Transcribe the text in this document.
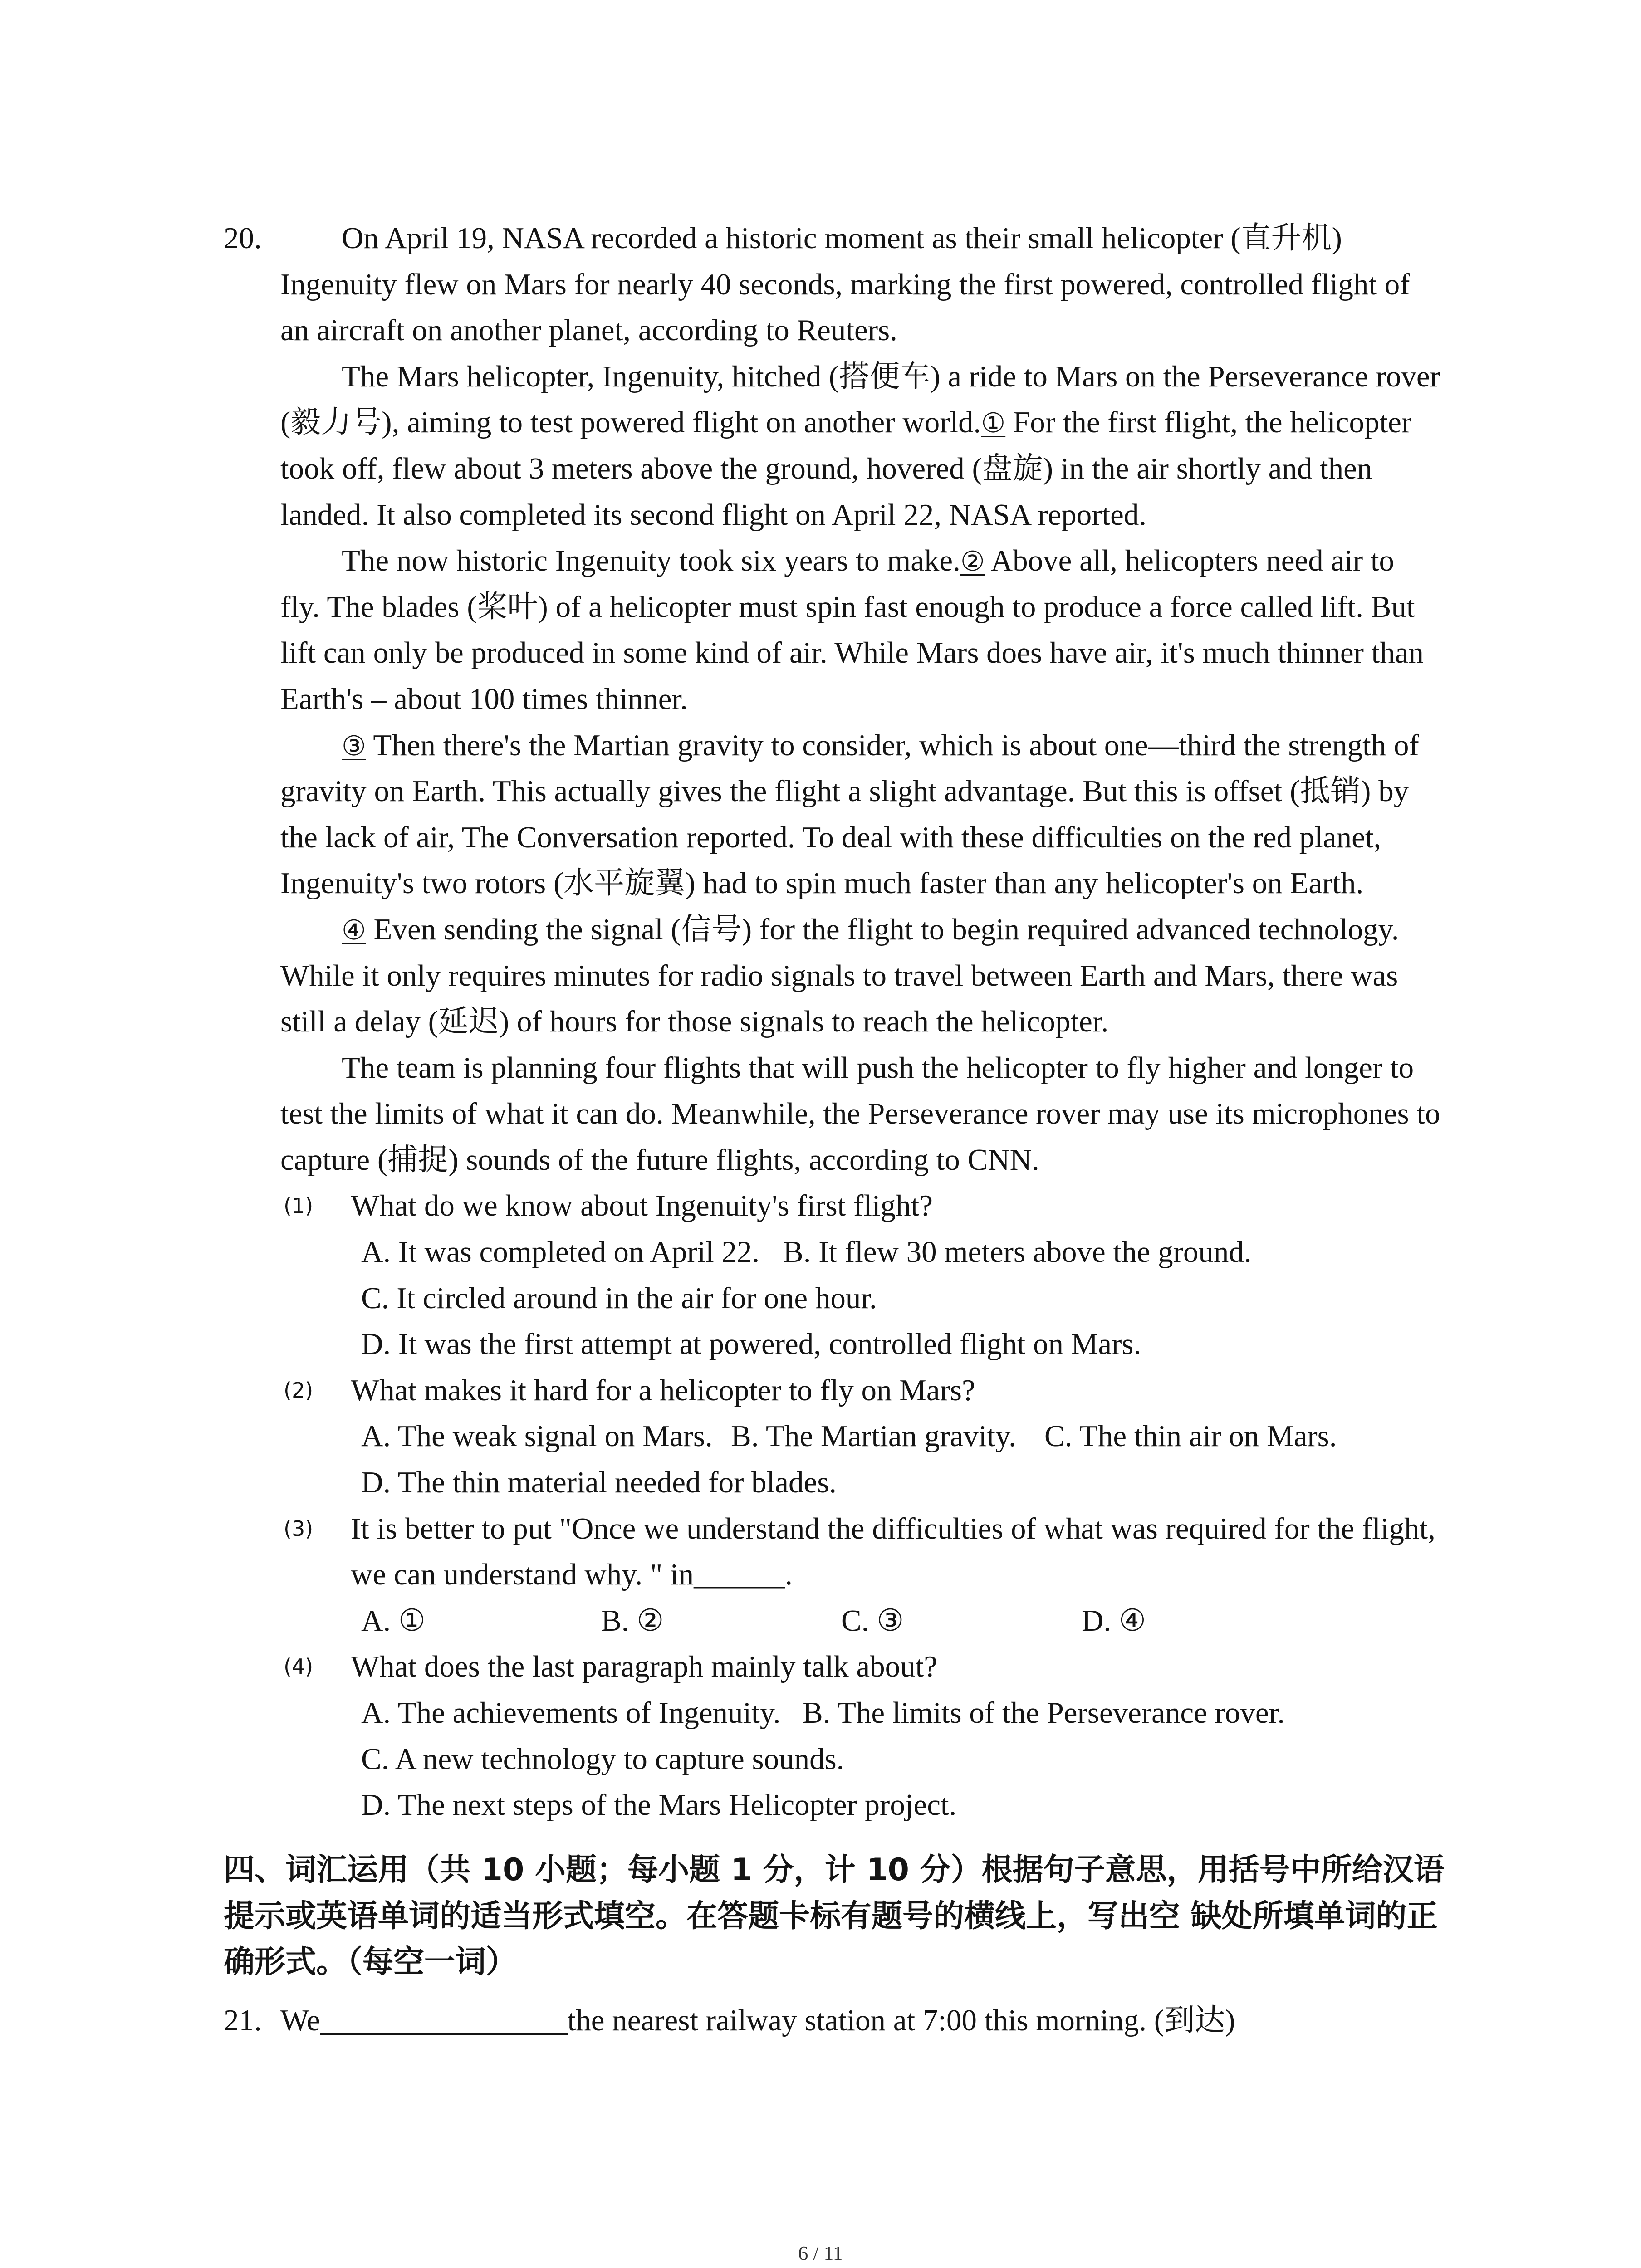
20.	On April 19, NASA recorded a historic moment as their small helicopter (直升机)
Ingenuity flew on Mars for nearly 40 seconds, marking the first powered, controlled flight of
an aircraft on another planet, according to Reuters.
The Mars helicopter, Ingenuity, hitched (搭便车) a ride to Mars on the Perseverance rover
(毅力号), aiming to test powered flight on another world.① For the first flight, the helicopter
took off, flew about 3 meters above the ground, hovered (盘旋) in the air shortly and then
landed. It also completed its second flight on April 22, NASA reported.
The now historic Ingenuity took six years to make.② Above all, helicopters need air to
fly. The blades (桨叶) of a helicopter must spin fast enough to produce a force called lift. But
lift can only be produced in some kind of air. While Mars does have air, it's much thinner than
Earth's – about 100 times thinner.
③ Then there's the Martian gravity to consider, which is about one—third the strength of
gravity on Earth. This actually gives the flight a slight advantage. But this is offset (抵销) by
the lack of air, The Conversation reported. To deal with these difficulties on the red planet,
Ingenuity's two rotors (水平旋翼) had to spin much faster than any helicopter's on Earth.
④ Even sending the signal (信号) for the flight to begin required advanced technology.
While it only requires minutes for radio signals to travel between Earth and Mars, there was
still a delay (延迟) of hours for those signals to reach the helicopter.
The team is planning four flights that will push the helicopter to fly higher and longer to
test the limits of what it can do. Meanwhile, the Perseverance rover may use its microphones to
capture (捕捉) sounds of the future flights, according to CNN.
(1) What do we know about Ingenuity's first flight?
A. It was completed on April 22. B. It flew 30 meters above the ground.
C. It circled around in the air for one hour.
D. It was the first attempt at powered, controlled flight on Mars.
(2) What makes it hard for a helicopter to fly on Mars?
A. The weak signal on Mars. B. The Martian gravity. C. The thin air on Mars.
D. The thin material needed for blades.
(3) It is better to put "Once we understand the difficulties of what was required for the flight,
we can understand why. " in______.
A. ①	B. ②	C. ③	D. ④
(4) What does the last paragraph mainly talk about?
A. The achievements of Ingenuity. B. The limits of the Perseverance rover.
C. A new technology to capture sounds.
D. The next steps of the Mars Helicopter project.
四、词汇运用（共 10 小题；每小题 1 分，计 10 分）根据句子意思，用括号中所给汉语
提示或英语单词的适当形式填空。在答题卡标有题号的横线上，写出空 缺处所填单词的正
确形式。（每空一词）
21. We	the nearest railway station at 7:00 this morning. (到达)
6 / 11
